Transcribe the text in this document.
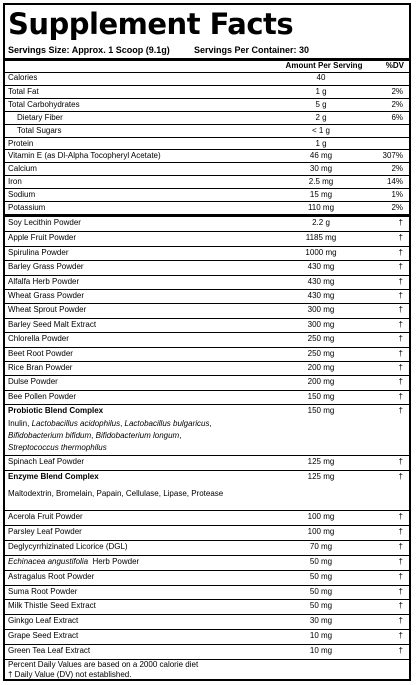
Supplement Facts
Servings Size: Approx. 1 Scoop (9.1g)	Servings Per Container: 30
Amount Per Serving	%DV
Calories	40
Total Fat	1 g	2%
Total Carbohydrates	5 g	2%
Dietary Fiber	2 g	6%
Total Sugars	< 1 g
Protein	1 g
Vitamin E (as Dl-Alpha Tocopheryl Acetate)	46 mg	307%
Calcium	30 mg	2%
Iron	2.5 mg	14%
Sodium	15 mg	1%
Potassium	110 mg	2%
Soy Lecithin Powder	2.2 g	†
Apple Fruit Powder	1185 mg	†
Spirulina Powder	1000 mg	†
Barley Grass Powder	430 mg	†
Alfalfa Herb Powder	430 mg	†
Wheat Grass Powder	430 mg	†
Wheat Sprout Powder	300 mg	†
Barley Seed Malt Extract	300 mg	†
Chlorella Powder	250 mg	†
Beet Root Powder	250 mg	†
Rice Bran Powder	200 mg	†
Dulse Powder	200 mg	†
Bee Pollen Powder	150 mg	†
Probiotic Blend Complex	150 mg	†
Inulin, Lactobacillus acidophilus, Lactobacillus bulgaricus,
Bifidobacterium bifidum, Bifidobacterium longum,
Streptococcus thermophilus
Spinach Leaf Powder	125 mg	†
Enzyme Blend Complex	125 mg	†
Maltodextrin, Bromelain, Papain, Cellulase, Lipase, Protease
Acerola Fruit Powder	100 mg	†
Parsley Leaf Powder	100 mg	†
Deglycyrrhizinated Licorice (DGL)	70 mg	†
Echinacea angustifolia  Herb Powder	50 mg	†
Astragalus Root Powder	50 mg	†
Suma Root Powder	50 mg	†
Milk Thistle Seed Extract	50 mg	†
Ginkgo Leaf Extract	30 mg	†
Grape Seed Extract	10 mg	†
Green Tea Leaf Extract	10 mg	†
Percent Daily Values are based on a 2000 calorie diet
† Daily Value (DV) not established.
